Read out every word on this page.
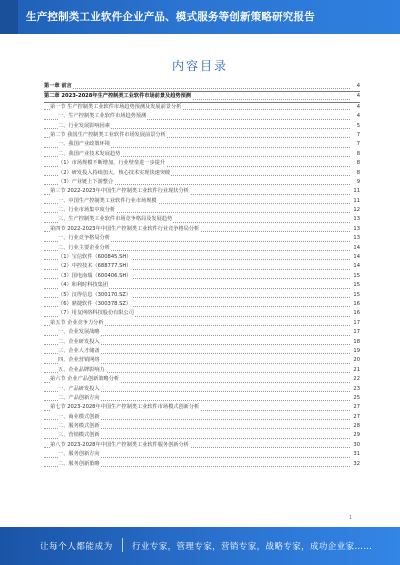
生产控制类工业软件企业产品、模式服务等创新策略研究报告
内容目录
第一章 前言	4
第二章 2023-2028年生产控制类工业软件市场前景及趋势预测	4
第一节 生产控制类工业软件市场趋势预测及发展前景分析	4
一、生产控制类工业软件市场趋势预测	4
二、行业发展影响因素	5
第二节 我国生产控制类工业软件市场发展前景分析	7
一、我国产业政策环境	7
二、我国产业技术发展趋势	8
（1）市场规模不断增加，行业壁垒进一步提升	8
（2）研发投入持续加大，核心技术实现快速突破	8
（3）产业链上下游整合	9
第三节 2022-2023年中国生产控制类工业软件行业现状分析	11
一、中国生产控制类工业软件行业市场规模	11
二、行业市场集中度分析	12
三、生产控制类工业软件市场竞争格局及发展趋势	13
第四节 2022-2023年中国生产控制类工业软件行业竞争格局分析	13
一、行业竞争格局分析	13
二、行业主要企业分析	14
（1）宝信软件（600845.SH）	14
（2）中控技术（688777.SH）	14
（3）国电南瑞（600406.SH）	15
（4）和利时科技集团	15
（5）汉得信息（300170.SZ）	15
（6）鼎捷软件（300378.SZ）	16
（7）用友网络科技股份有限公司	16
第五节 企业竞争力分析	17
一、企业发展战略	17
二、企业研发投入	18
三、企业人才储备	19
四、企业营销网络	20
五、企业品牌影响力	21
第六节 企业产品创新策略分析	22
一、产品研发投入	23
二、产品创新方向	25
第七节 2023-2028年中国生产控制类工业软件市场模式创新分析	27
一、商业模式创新	27
二、服务模式创新	28
三、营销模式创新	29
第八节 2023-2028年中国生产控制类工业软件服务创新分析	30
一、服务创新方向	31
二、服务创新策略	32
1
让每个人都能成为 行业专家，管理专家，营销专家，战略专家，成功企业家……
